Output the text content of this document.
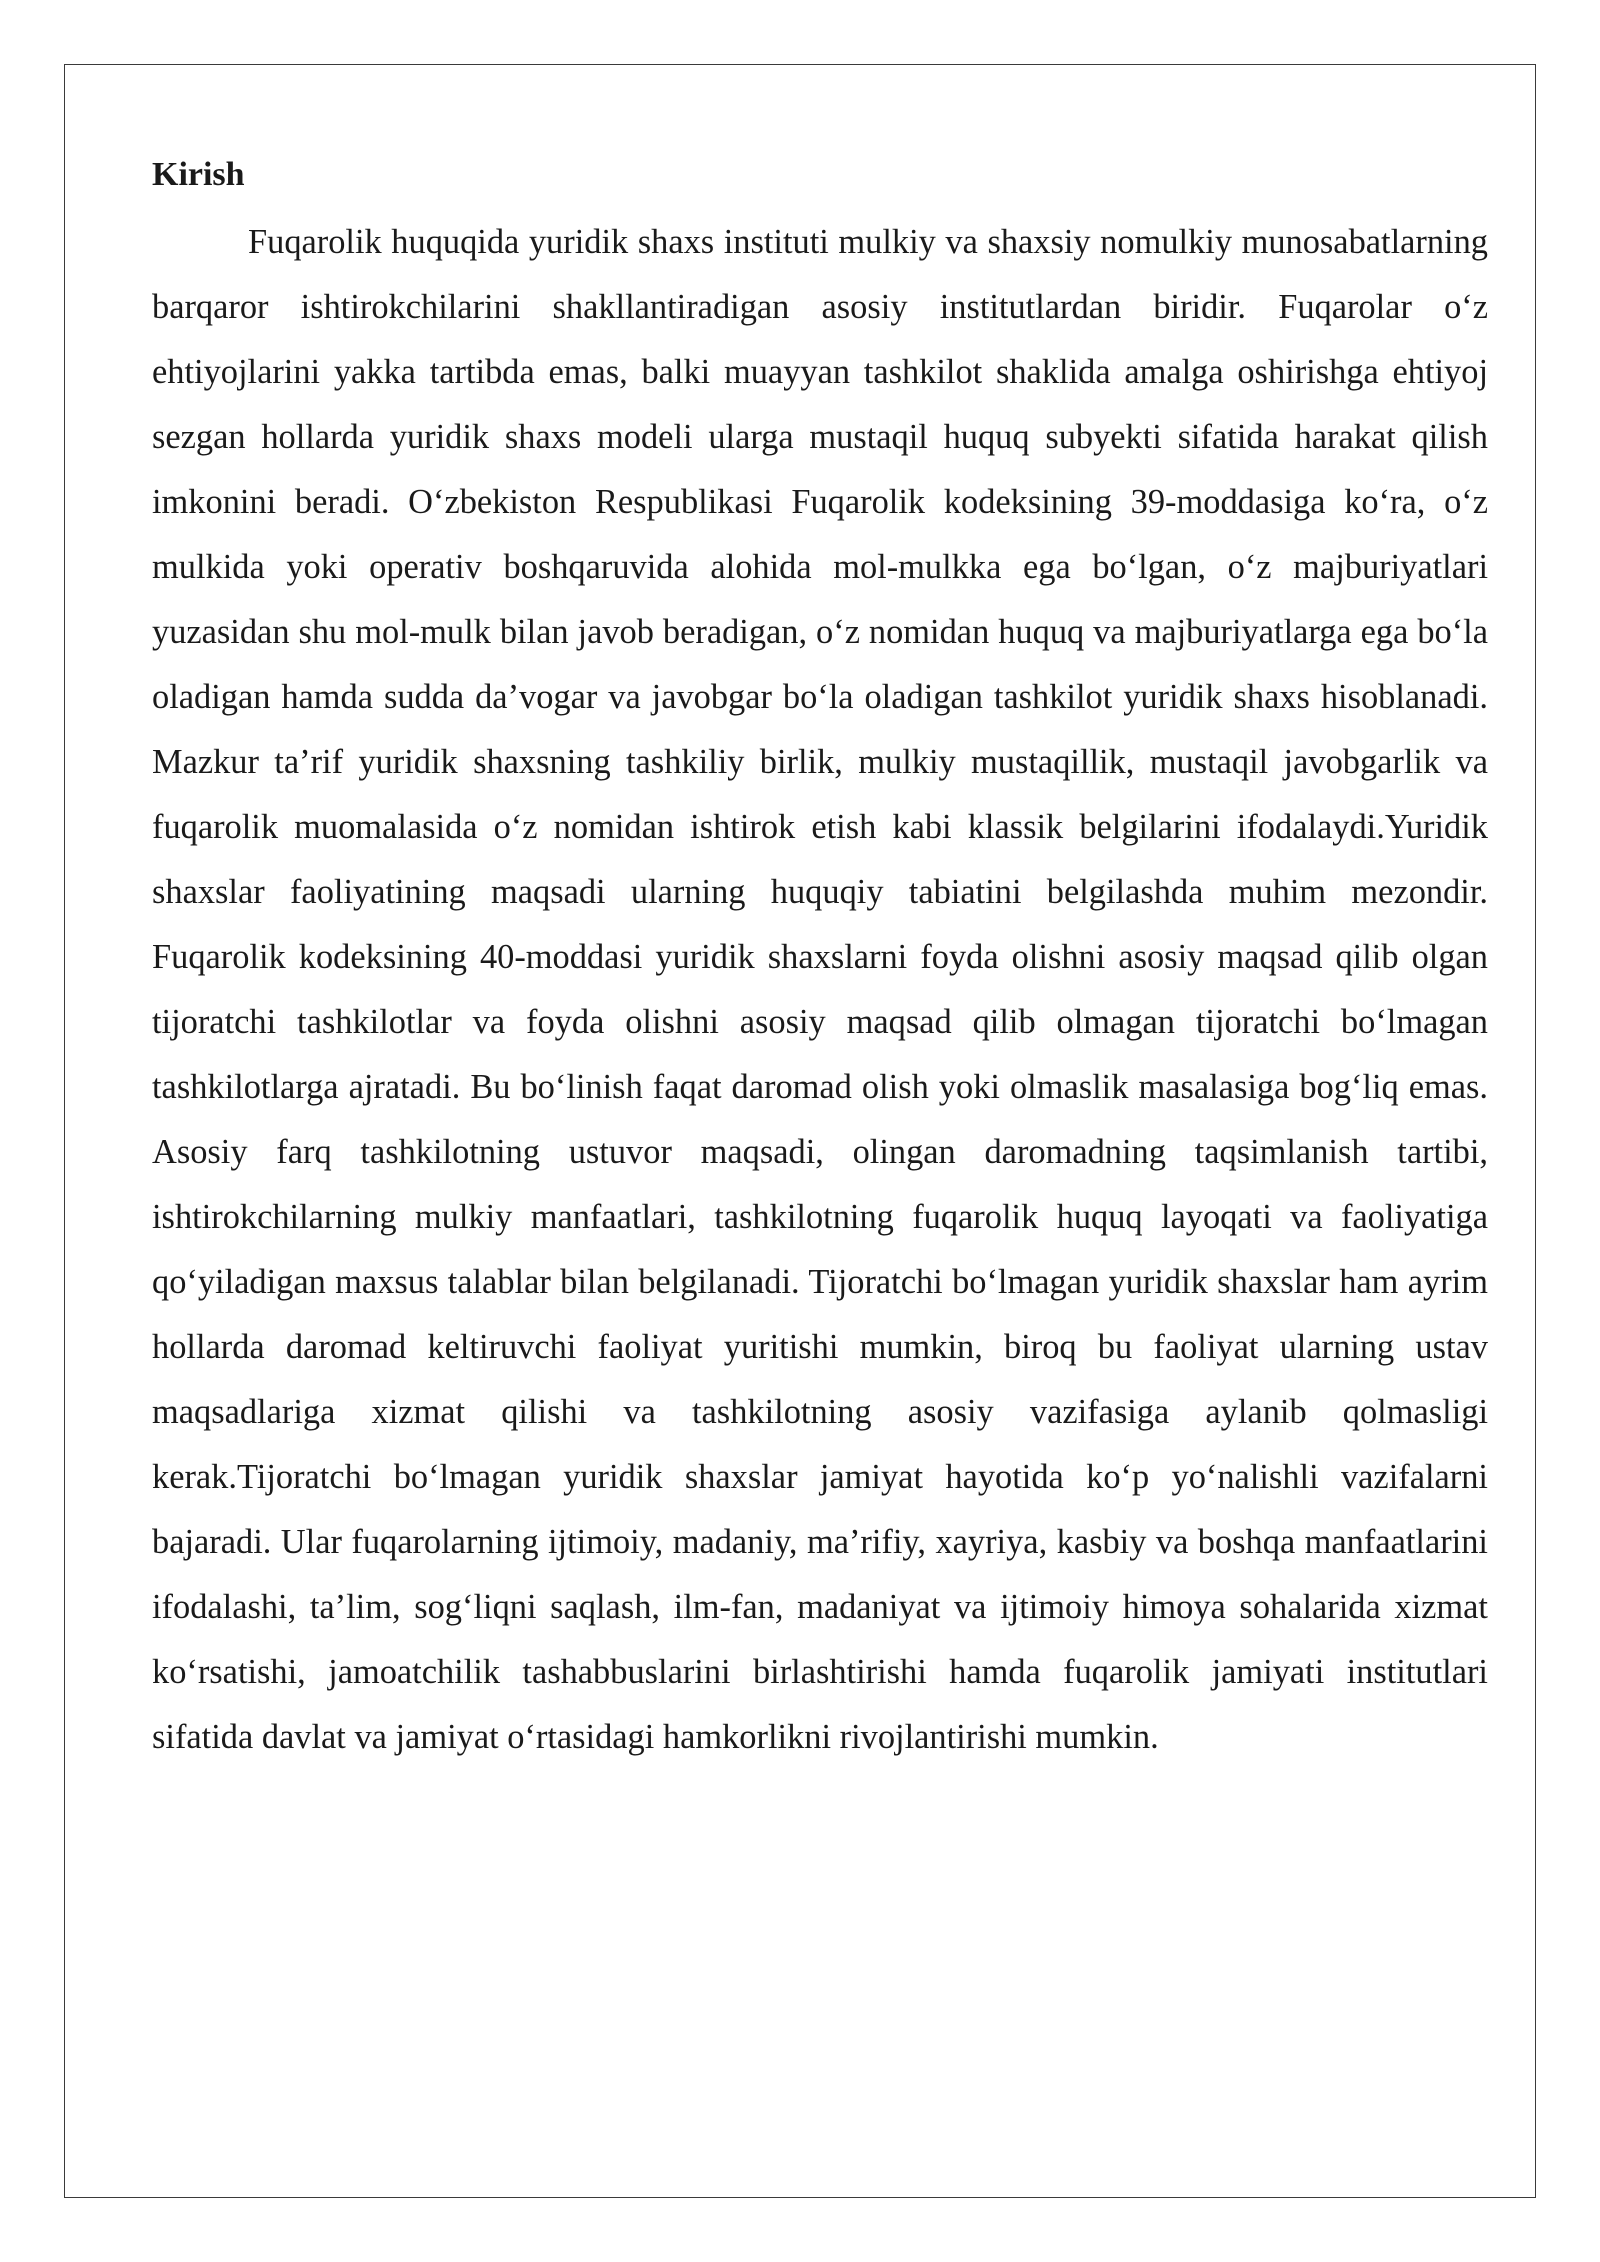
Kirish

Fuqarolik huquqida yuridik shaxs instituti mulkiy va shaxsiy nomulkiy munosabatlarning barqaror ishtirokchilarini shakllantiradigan asosiy institutlardan biridir. Fuqarolar oʻz ehtiyojlarini yakka tartibda emas, balki muayyan tashkilot shaklida amalga oshirishga ehtiyoj sezgan hollarda yuridik shaxs modeli ularga mustaqil huquq subyekti sifatida harakat qilish imkonini beradi. Oʻzbekiston Respublikasi Fuqarolik kodeksining 39-moddasiga koʻra, oʻz mulkida yoki operativ boshqaruvida alohida mol-mulkka ega boʻlgan, oʻz majburiyatlari yuzasidan shu mol-mulk bilan javob beradigan, oʻz nomidan huquq va majburiyatlarga ega boʻla oladigan hamda sudda da’vogar va javobgar boʻla oladigan tashkilot yuridik shaxs hisoblanadi. Mazkur ta’rif yuridik shaxsning tashkiliy birlik, mulkiy mustaqillik, mustaqil javobgarlik va fuqarolik muomalasida oʻz nomidan ishtirok etish kabi klassik belgilarini ifodalaydi.Yuridik shaxslar faoliyatining maqsadi ularning huquqiy tabiatini belgilashda muhim mezondir. Fuqarolik kodeksining 40-moddasi yuridik shaxslarni foyda olishni asosiy maqsad qilib olgan tijoratchi tashkilotlar va foyda olishni asosiy maqsad qilib olmagan tijoratchi boʻlmagan tashkilotlarga ajratadi. Bu boʻlinish faqat daromad olish yoki olmaslik masalasiga bogʻliq emas. Asosiy farq tashkilotning ustuvor maqsadi, olingan daromadning taqsimlanish tartibi, ishtirokchilarning mulkiy manfaatlari, tashkilotning fuqarolik huquq layoqati va faoliyatiga qoʻyiladigan maxsus talablar bilan belgilanadi. Tijoratchi boʻlmagan yuridik shaxslar ham ayrim hollarda daromad keltiruvchi faoliyat yuritishi mumkin, biroq bu faoliyat ularning ustav maqsadlariga xizmat qilishi va tashkilotning asosiy vazifasiga aylanib qolmasligi kerak.Tijoratchi boʻlmagan yuridik shaxslar jamiyat hayotida koʻp yoʻnalishli vazifalarni bajaradi. Ular fuqarolarning ijtimoiy, madaniy, ma’rifiy, xayriya, kasbiy va boshqa manfaatlarini ifodalashi, ta’lim, sogʻliqni saqlash, ilm-fan, madaniyat va ijtimoiy himoya sohalarida xizmat koʻrsatishi, jamoatchilik tashabbuslarini birlashtirishi hamda fuqarolik jamiyati institutlari sifatida davlat va jamiyat oʻrtasidagi hamkorlikni rivojlantirishi mumkin.
